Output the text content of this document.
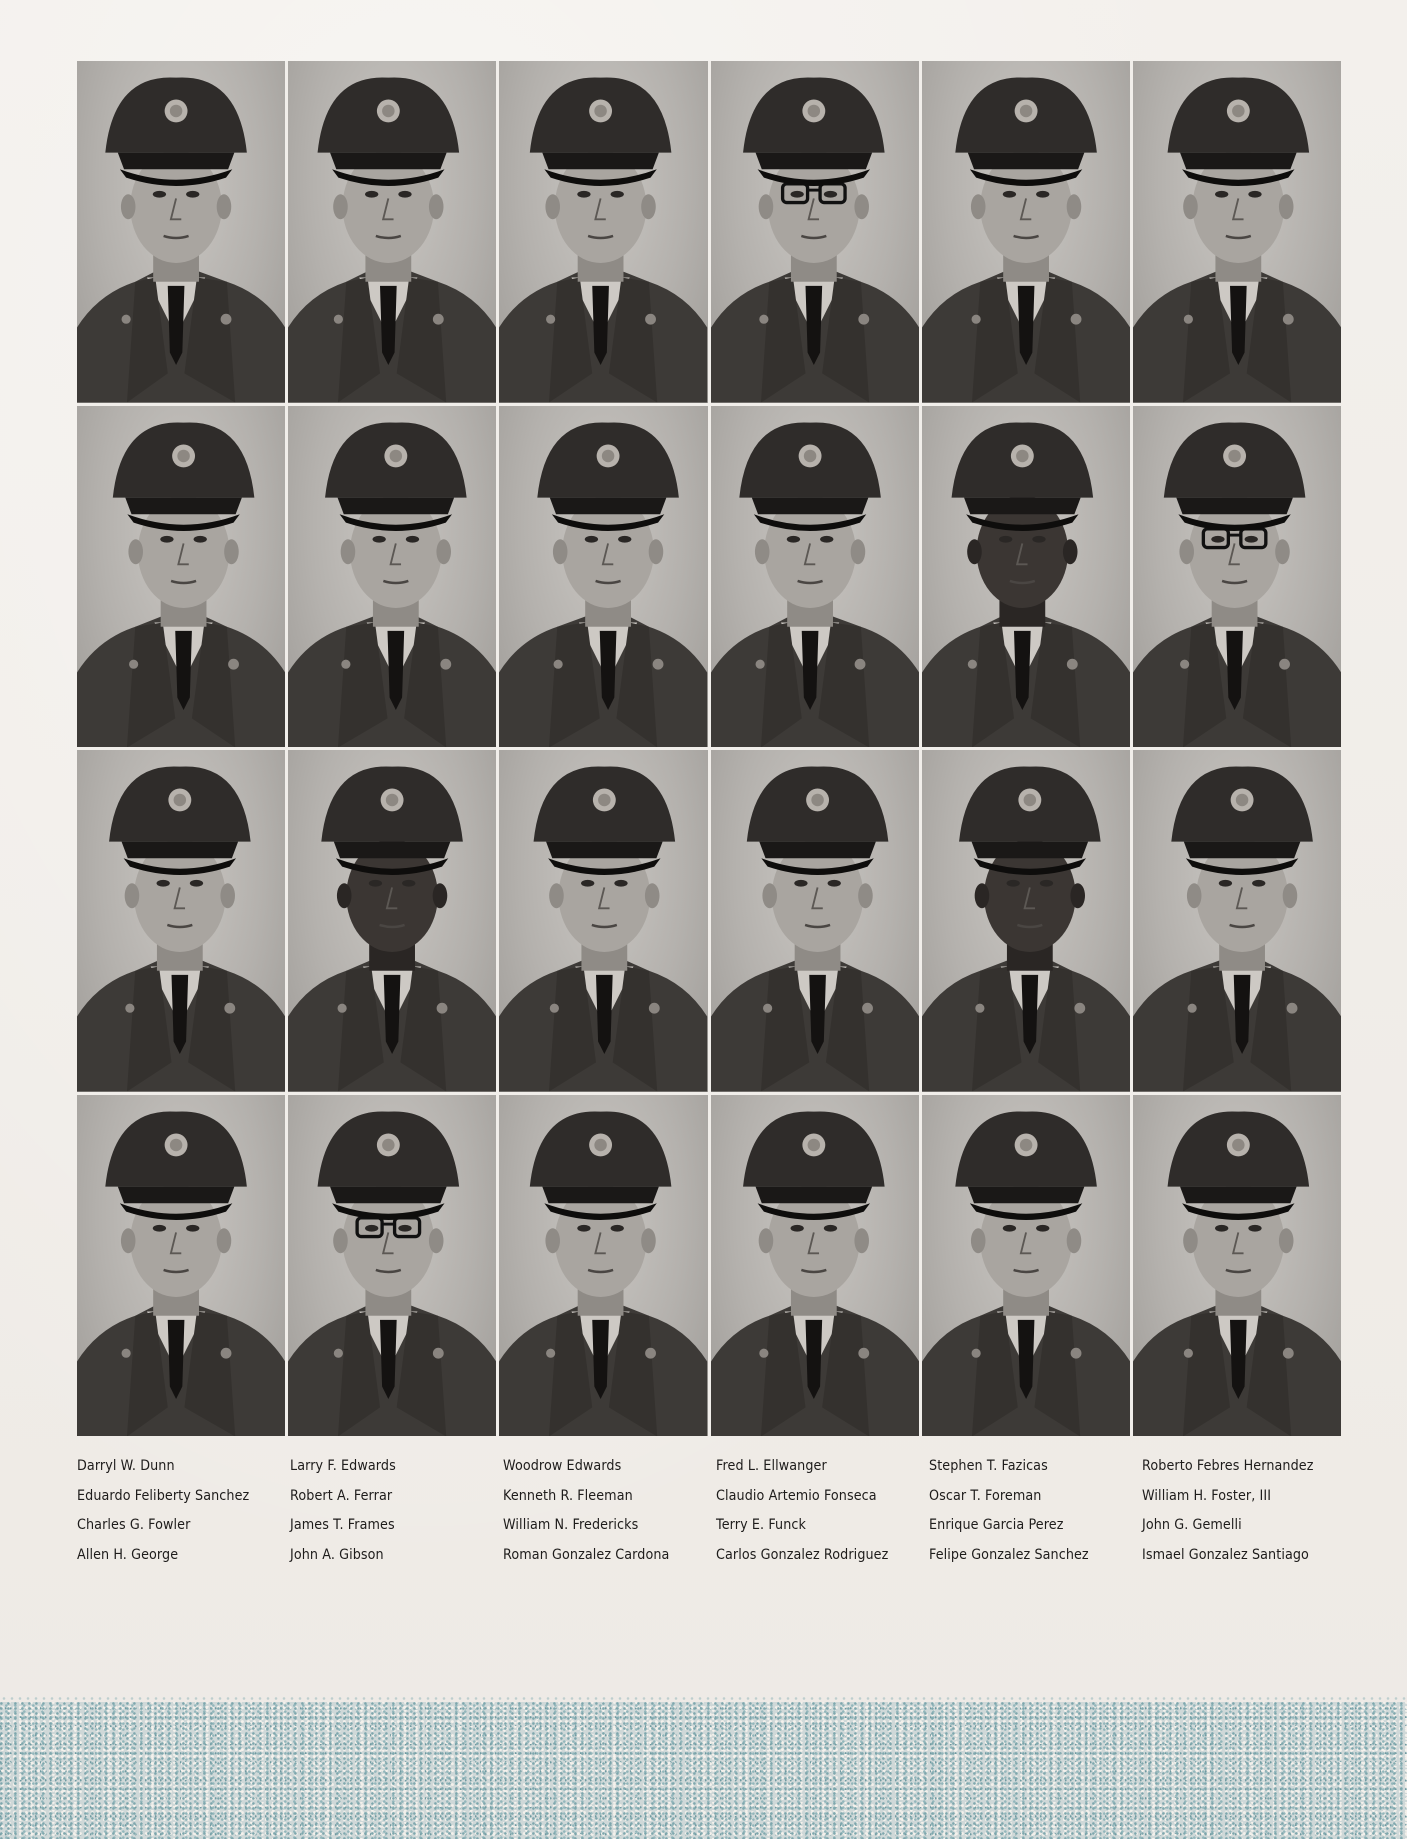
Darryl W. Dunn
Eduardo Feliberty Sanchez
Charles G. Fowler
Allen H. George
Larry F. Edwards
Robert A. Ferrar
James T. Frames
John A. Gibson
Woodrow Edwards
Kenneth R. Fleeman
William N. Fredericks
Roman Gonzalez Cardona
Fred L. Ellwanger
Claudio Artemio Fonseca
Terry E. Funck
Carlos Gonzalez Rodriguez
Stephen T. Fazicas
Oscar T. Foreman
Enrique Garcia Perez
Felipe Gonzalez Sanchez
Roberto Febres Hernandez
William H. Foster, III
John G. Gemelli
Ismael Gonzalez Santiago
